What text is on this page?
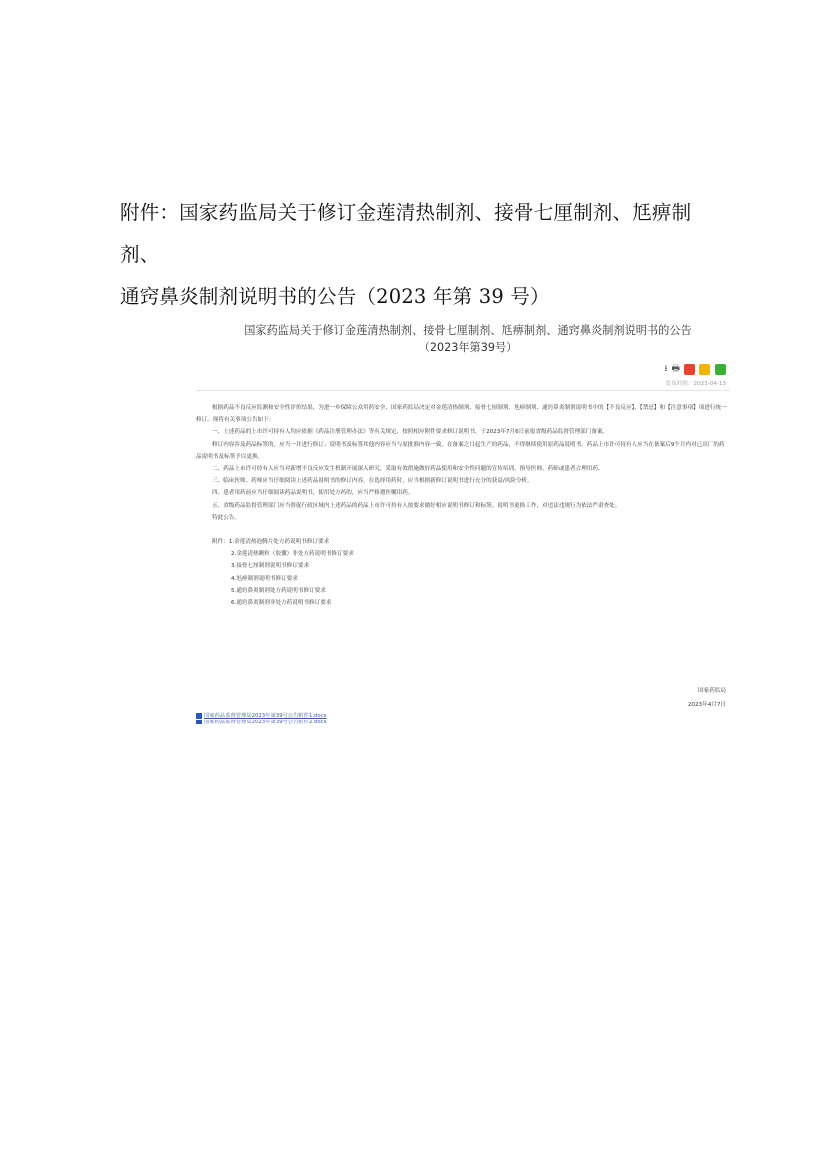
附件：国家药监局关于修订金莲清热制剂、接骨七厘制剂、尪痹制剂、
通窍鼻炎制剂说明书的公告（2023 年第 39 号）
国家药监局关于修订金莲清热制剂、接骨七厘制剂、尪痹制剂、通窍鼻炎制剂说明书的公告
（2023年第39号）
⭳ 🖶
发布时间：2023-04-13

根据药品不良反应监测和安全性评价结果，为进一步保障公众用药安全，国家药监局决定对金莲清热制剂、接骨七厘制剂、尪痹制剂、通窍鼻炎制剂说明书中的【不良反应】、【禁忌】和【注意事项】项进行统一修订。现将有关事项公告如下：

一、上述药品的上市许可持有人均应依据《药品注册管理办法》等有关规定，按照相应附件要求修订说明书，于2023年7月6日前报省级药品监督管理部门备案。

修订内容涉及药品标签的，应当一并进行修订；说明书及标签其他内容应当与原批准内容一致。在备案之日起生产的药品，不得继续使用原药品说明书。药品上市许可持有人应当在备案后9个月内对已出厂的药品说明书及标签予以更换。

二、药品上市许可持有人应当对新增不良反应发生机制开展深入研究，采取有效措施做好药品使用和安全性问题的宣传培训，指导医师、药师或患者合理用药。

三、临床医师、药师应当仔细阅读上述药品说明书的修订内容，在选择用药时，应当根据新修订说明书进行充分的获益/风险分析。

四、患者用药前应当仔细阅读药品说明书，使用处方药的，应当严格遵医嘱用药。

五、省级药品监督管理部门应当督促行政区域内上述药品的药品上市许可持有人按要求做好相应说明书修订和标签、说明书更换工作，对违法违规行为依法严肃查处。

特此公告。

附件：1.金莲清热泡腾片处方药说明书修订要求

2.金莲清热颗粒（胶囊）非处方药说明书修订要求

3.接骨七厘制剂说明书修订要求

4.尪痹制剂说明书修订要求

5.通窍鼻炎制剂处方药说明书修订要求

6.通窍鼻炎制剂非处方药说明书修订要求

国家药监局
2023年4月7日
国家药品监督管理局2023年第39号公告附件1.docx
国家药品监督管理局2023年第39号公告附件2.docx
